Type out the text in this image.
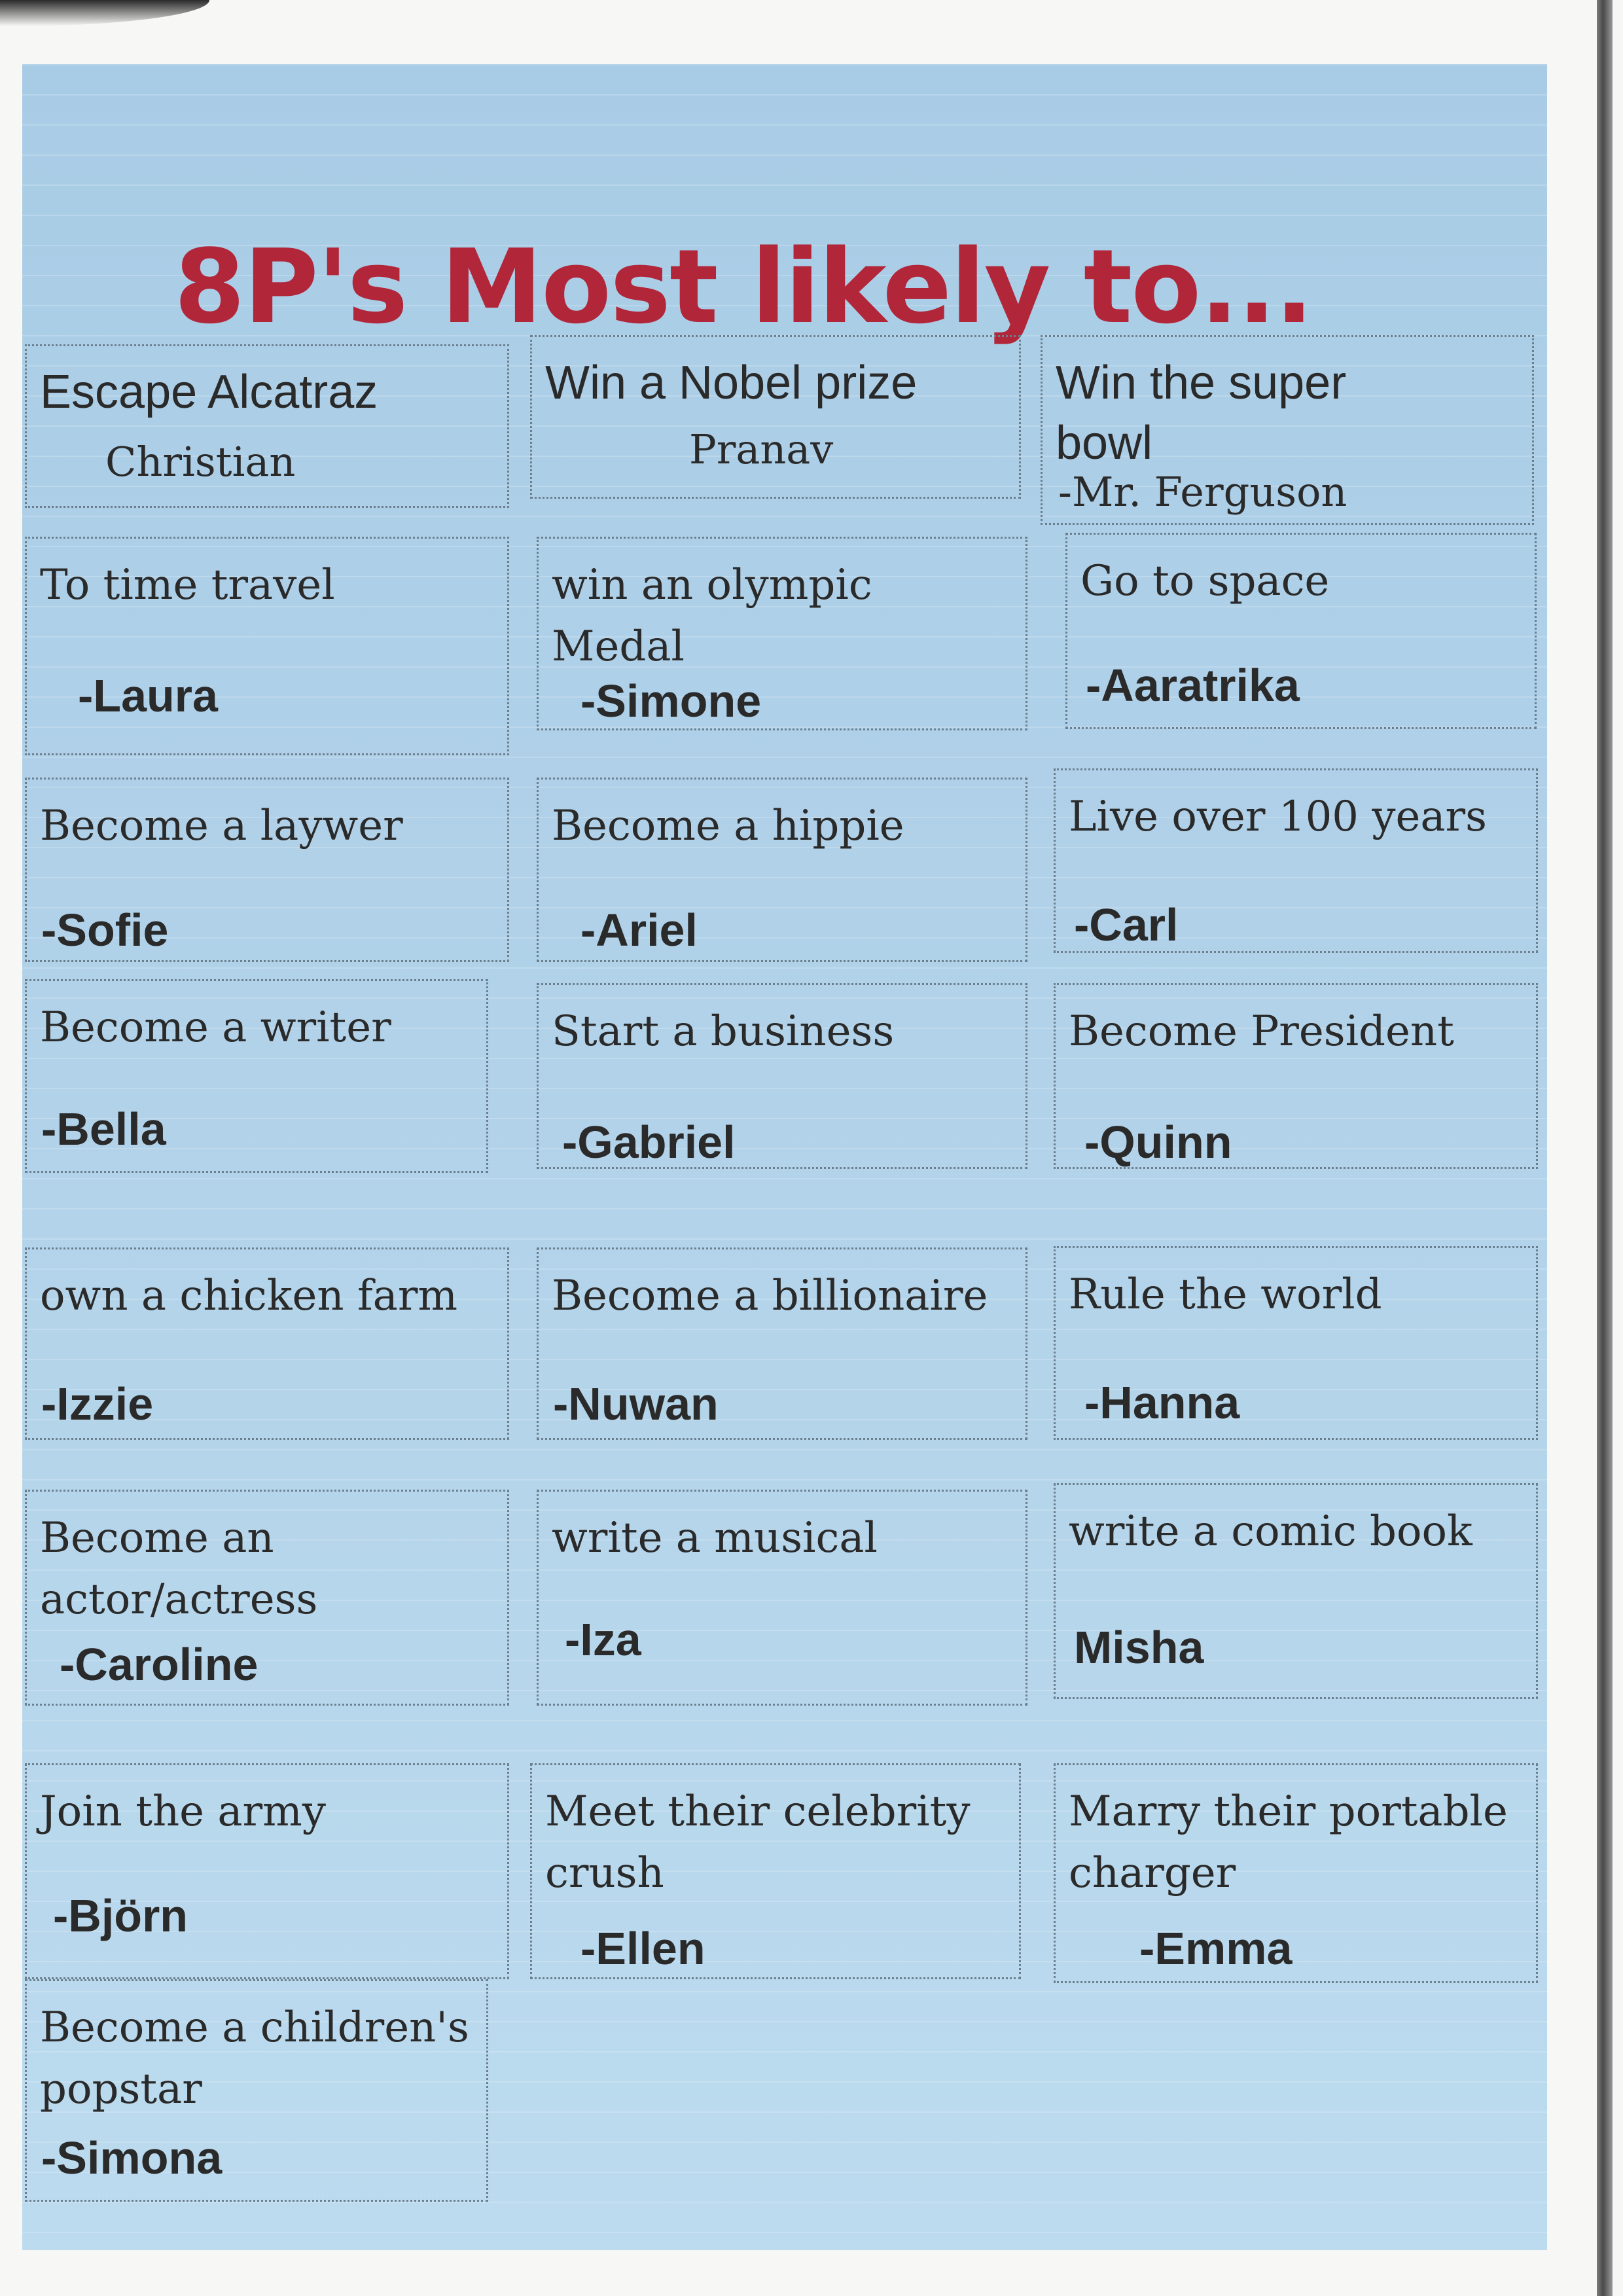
8P's Most likely to...
Escape Alcatraz
Christian
Win a Nobel prize
Pranav
Win the super
bowl
-Mr. Ferguson
To time travel
-Laura
win an olympic Medal
-Simone
Go to space
-Aaratrika
Become a laywer
-Sofie
Become a hippie
-Ariel
Live over 100 years
-Carl
Become a writer
-Bella
Start a business
-Gabriel
Become President
-Quinn
own a chicken farm
-Izzie
Become a billionaire
-Nuwan
Rule the world
-Hanna
Become an
actor/actress
-Caroline
write a musical
-Iza
write a comic book
Misha
Join the army
-Björn
Meet their celebrity
crush
-Ellen
Marry their portable
charger
-Emma
Become a children's
popstar
-Simona
